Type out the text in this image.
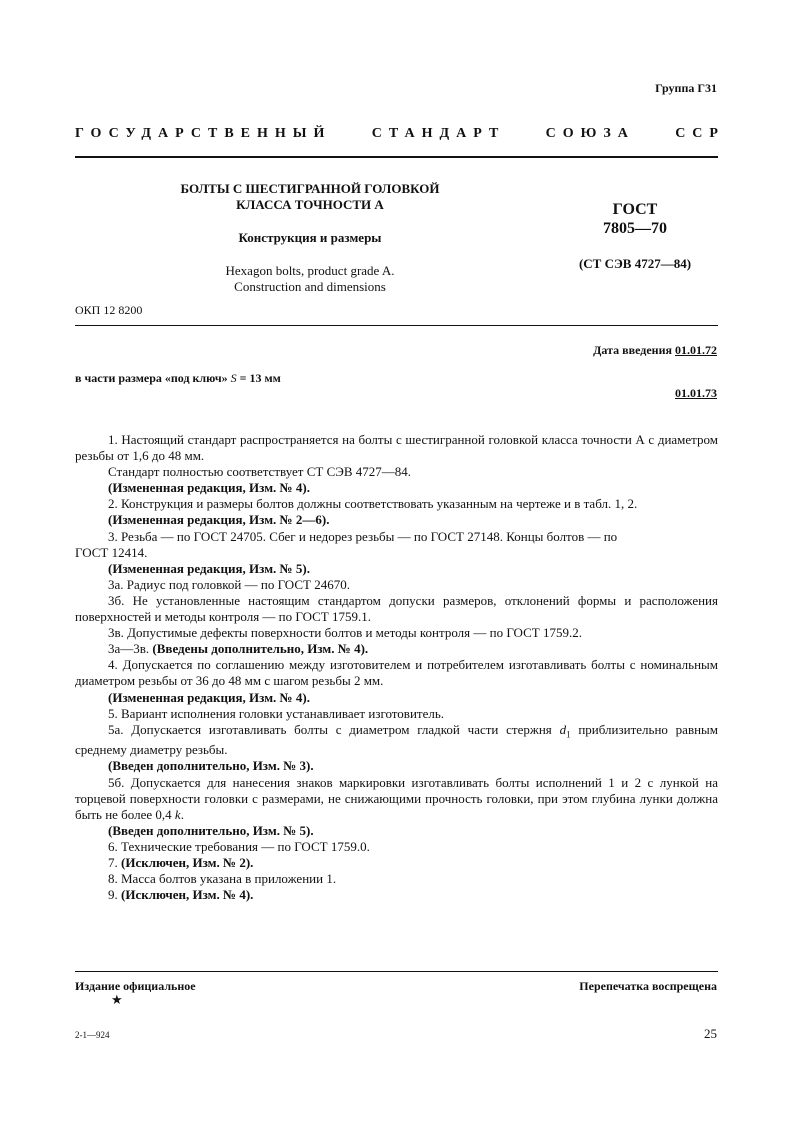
Группа Г31
ГОСУДАРСТВЕННЫЙ	СТАНДАРТ	СОЮЗА	ССР
БОЛТЫ С ШЕСТИГРАННОЙ ГОЛОВКОЙ
КЛАССА ТОЧНОСТИ А
Конструкция и размеры
Hexagon bolts, product grade A.
Construction and dimensions
ГОСТ
7805—70
(СТ СЭВ 4727—84)
ОКП 12 8200
Дата введения 01.01.72
в части размера «под ключ» S = 13 мм
01.01.73

1. Настоящий стандарт распространяется на болты с шестигранной головкой класса точности А с диаметром резьбы от 1,6 до 48 мм.

Стандарт полностью соответствует СТ СЭВ 4727—84.

(Измененная редакция, Изм. № 4).

2. Конструкция и размеры болтов должны соответствовать указанным на чертеже и в табл. 1, 2.

(Измененная редакция, Изм. № 2—6).

3. Резьба — по ГОСТ 24705. Сбег и недорез резьбы — по ГОСТ 27148. Концы болтов — по

ГОСТ 12414.

(Измененная редакция, Изм. № 5).

3а. Радиус под головкой — по ГОСТ 24670.

3б. Не установленные настоящим стандартом допуски размеров, отклонений формы и расположения поверхностей и методы контроля — по ГОСТ 1759.1.

3в. Допустимые дефекты поверхности болтов и методы контроля — по ГОСТ 1759.2.

3а—3в. (Введены дополнительно, Изм. № 4).

4. Допускается по соглашению между изготовителем и потребителем изготавливать болты с номинальным диаметром резьбы от 36 до 48 мм с шагом резьбы 2 мм.

(Измененная редакция, Изм. № 4).

5. Вариант исполнения головки устанавливает изготовитель.

5а. Допускается изготавливать болты с диаметром гладкой части стержня $d_1$ приблизительно равным среднему диаметру резьбы.

(Введен дополнительно, Изм. № 3).

5б. Допускается для нанесения знаков маркировки изготавливать болты исполнений 1 и 2 с лункой на торцевой поверхности головки с размерами, не снижающими прочность головки, при этом глубина лунки должна быть не более 0,4 k.

(Введен дополнительно, Изм. № 5).

6. Технические требования — по ГОСТ 1759.0.

7. (Исключен, Изм. № 2).

8. Масса болтов указана в приложении 1.

9. (Исключен, Изм. № 4).

Издание официальное	Перепечатка воспрещена
★
2-1—924	25
